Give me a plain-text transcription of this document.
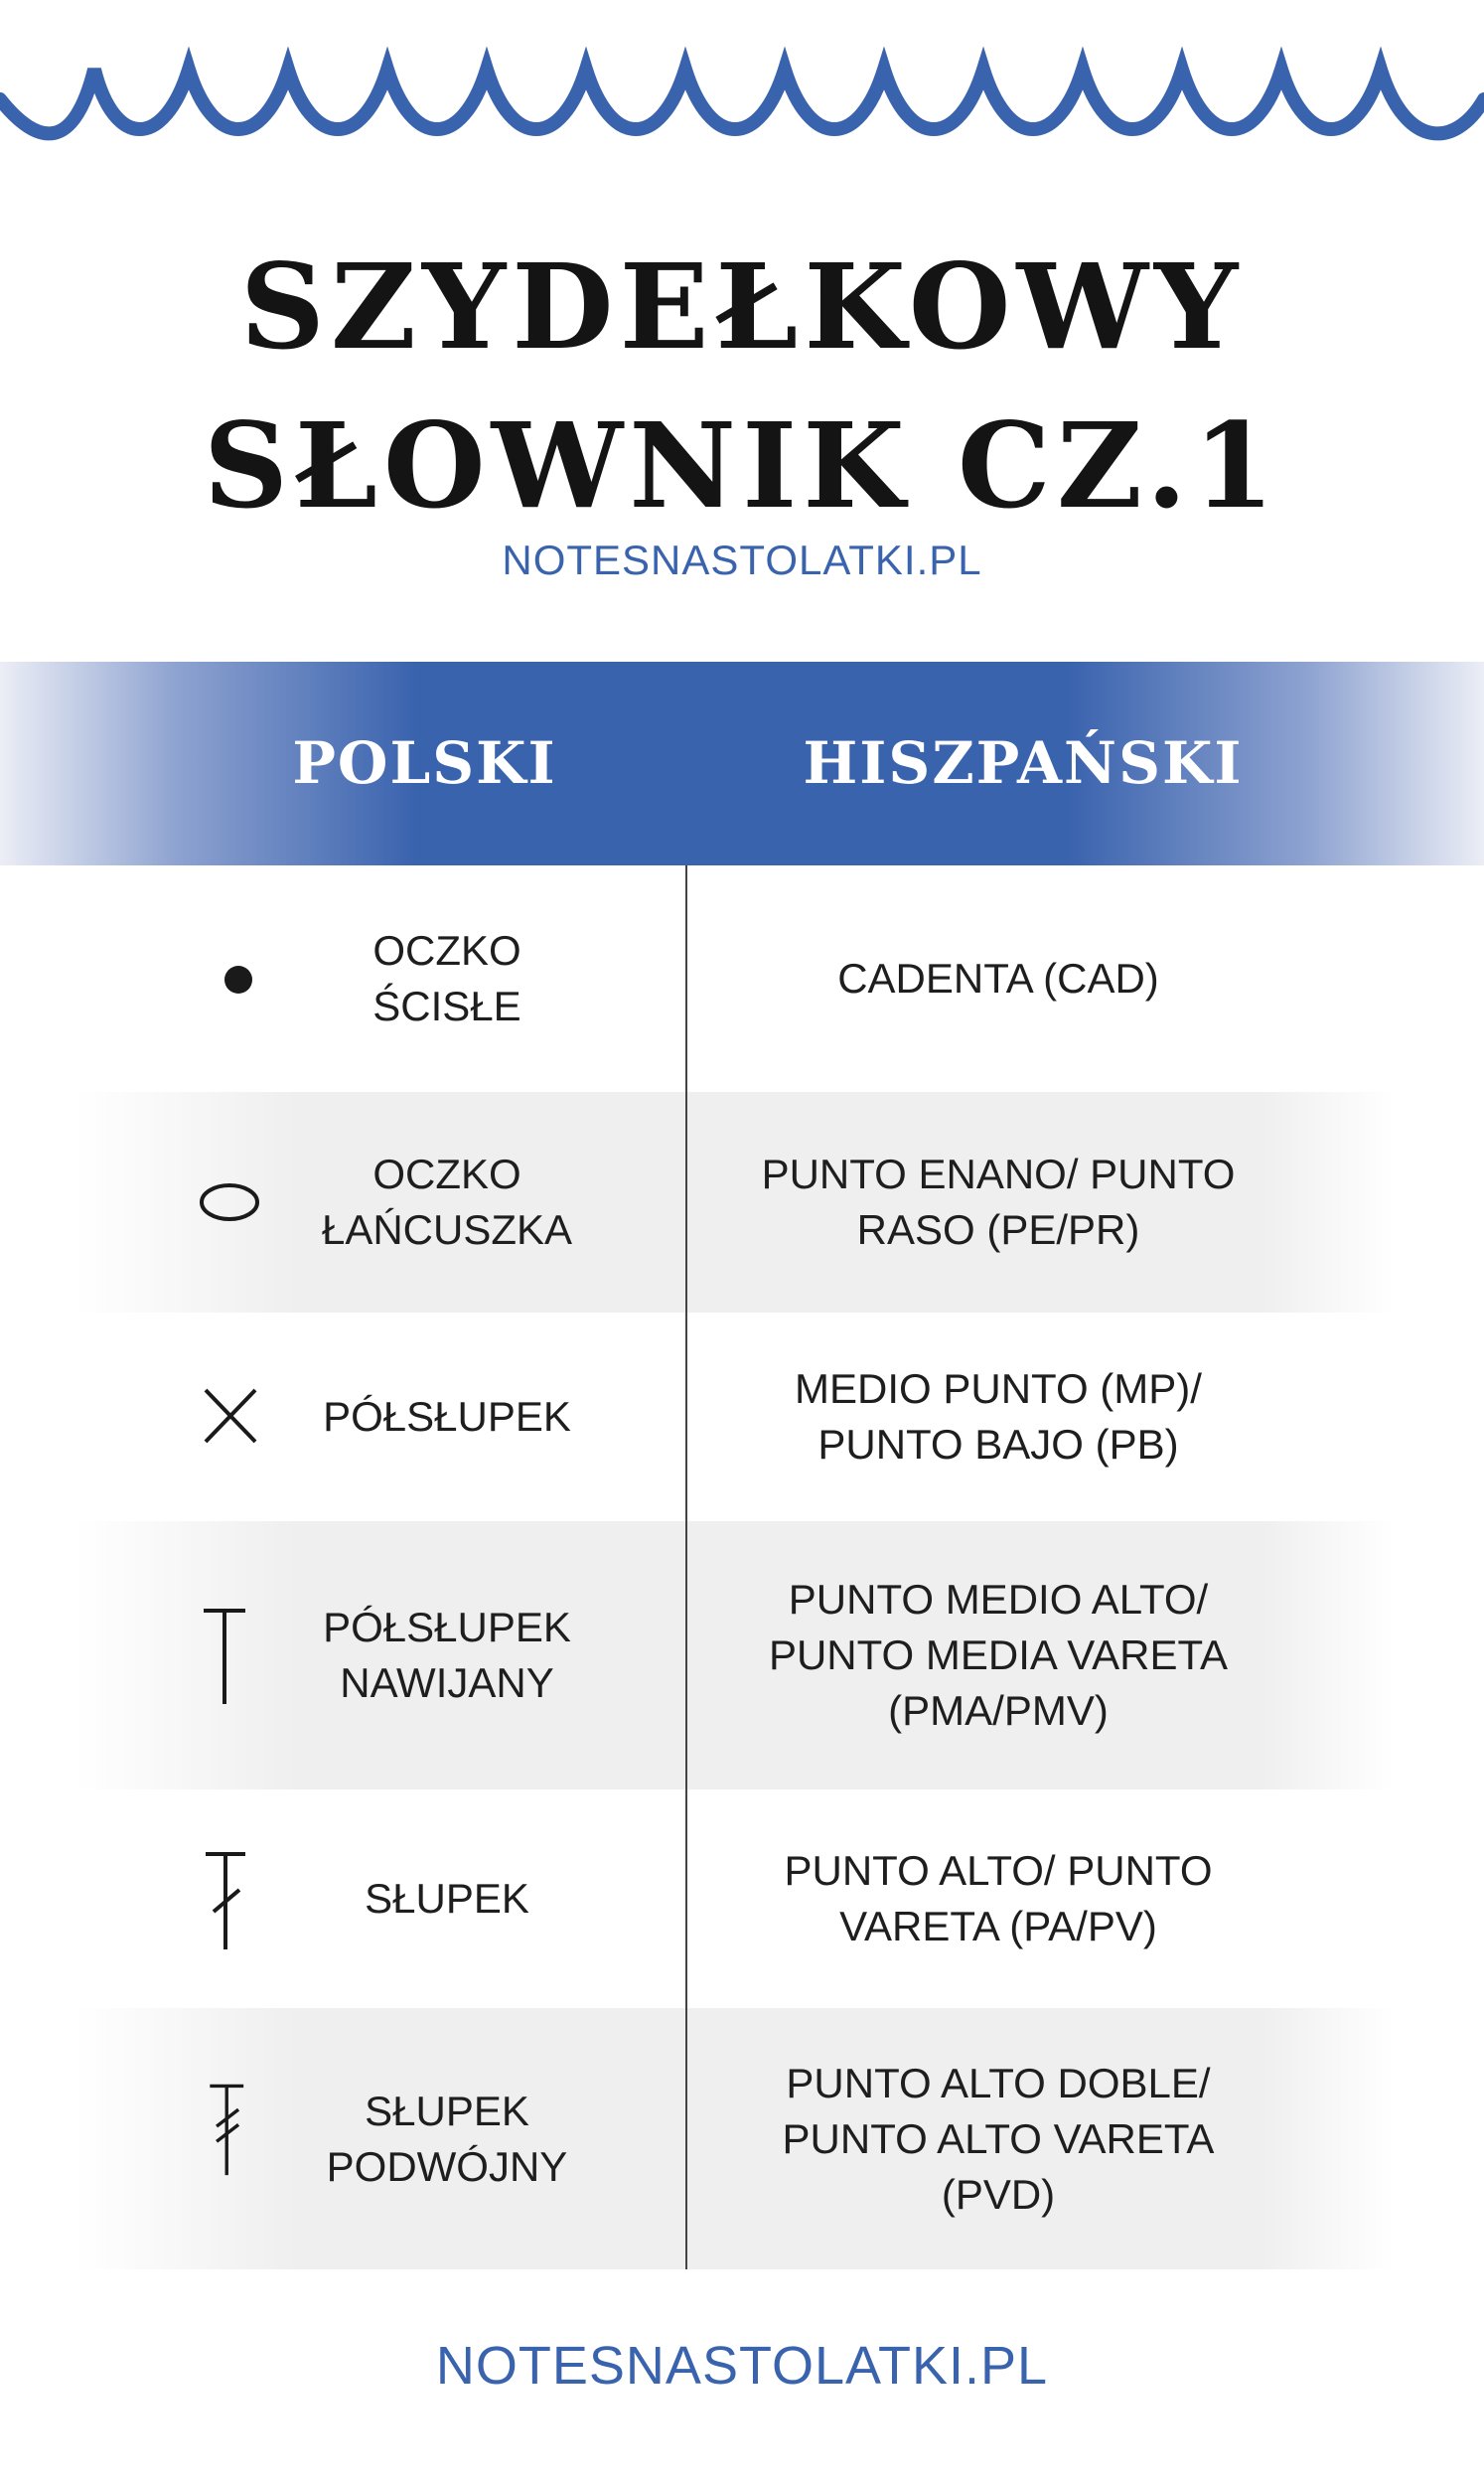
SZYDEŁKOWY
SŁOWNIK CZ.1
NOTESNASTOLATKI.PL
POLSKI	HISZPAŃSKI
OCZKO
ŚCISŁE
CADENTA (CAD)
OCZKO
ŁAŃCUSZKA
PUNTO ENANO/ PUNTO
RASO (PE/PR)
PÓŁSŁUPEK
MEDIO PUNTO (MP)/
PUNTO BAJO (PB)
PÓŁSŁUPEK
NAWIJANY
PUNTO MEDIO ALTO/
PUNTO MEDIA VARETA
(PMA/PMV)
SŁUPEK
PUNTO ALTO/ PUNTO
VARETA (PA/PV)
SŁUPEK
PODWÓJNY
PUNTO ALTO DOBLE/
PUNTO ALTO VARETA
(PVD)
NOTESNASTOLATKI.PL
